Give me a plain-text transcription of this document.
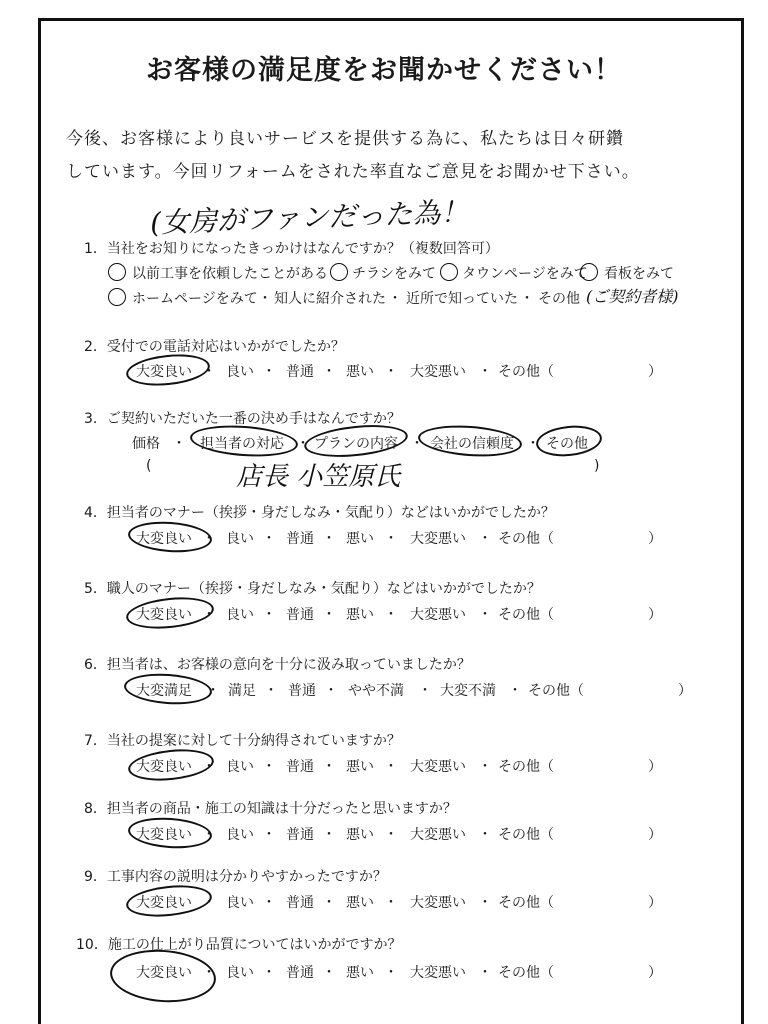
お客様の満足度をお聞かせください！
今後、お客様により良いサービスを提供する為に、私たちは日々研鑽
しています。今回リフォームをされた率直なご意見をお聞かせ下さい。
(女房がファンだった為！
1．当社をお知りになったきっかけはなんですか？（複数回答可）
以前工事を依頼したことがある チラシをみて タウンページをみて 看板をみて
ホームページをみて ・ 知人に紹介された ・ 近所で知っていた ・ その他 (ご契約者様)
2．受付での電話対応はいかがでしたか？
大変良い ・ 良い ・ 普通 ・ 悪い ・ 大変悪い ・ その他（	）
3．ご契約いただいた一番の決め手はなんですか？
価格 ・ 担当者の対応 ・ プランの内容 ・ 会社の信頼度 ・ その他
(	店長 小笠原氏	)
4．担当者のマナー（挨拶・身だしなみ・気配り）などはいかがでしたか？
大変良い ・ 良い ・ 普通 ・ 悪い ・ 大変悪い ・ その他（	）
5．職人のマナー（挨拶・身だしなみ・気配り）などはいかがでしたか？
大変良い ・ 良い ・ 普通 ・ 悪い ・ 大変悪い ・ その他（	）
6．担当者は、お客様の意向を十分に汲み取っていましたか？
大変満足 ・ 満足 ・ 普通 ・ やや不満 ・ 大変不満 ・ その他（	）
7．当社の提案に対して十分納得されていますか？
大変良い ・ 良い ・ 普通 ・ 悪い ・ 大変悪い ・ その他（	）
8．担当者の商品・施工の知識は十分だったと思いますか？
大変良い ・ 良い ・ 普通 ・ 悪い ・ 大変悪い ・ その他（	）
9．工事内容の説明は分かりやすかったですか？
大変良い ・ 良い ・ 普通 ・ 悪い ・ 大変悪い ・ その他（	）
10．施工の仕上がり品質についてはいかがですか？
大変良い ・ 良い ・ 普通 ・ 悪い ・ 大変悪い ・ その他（	）
